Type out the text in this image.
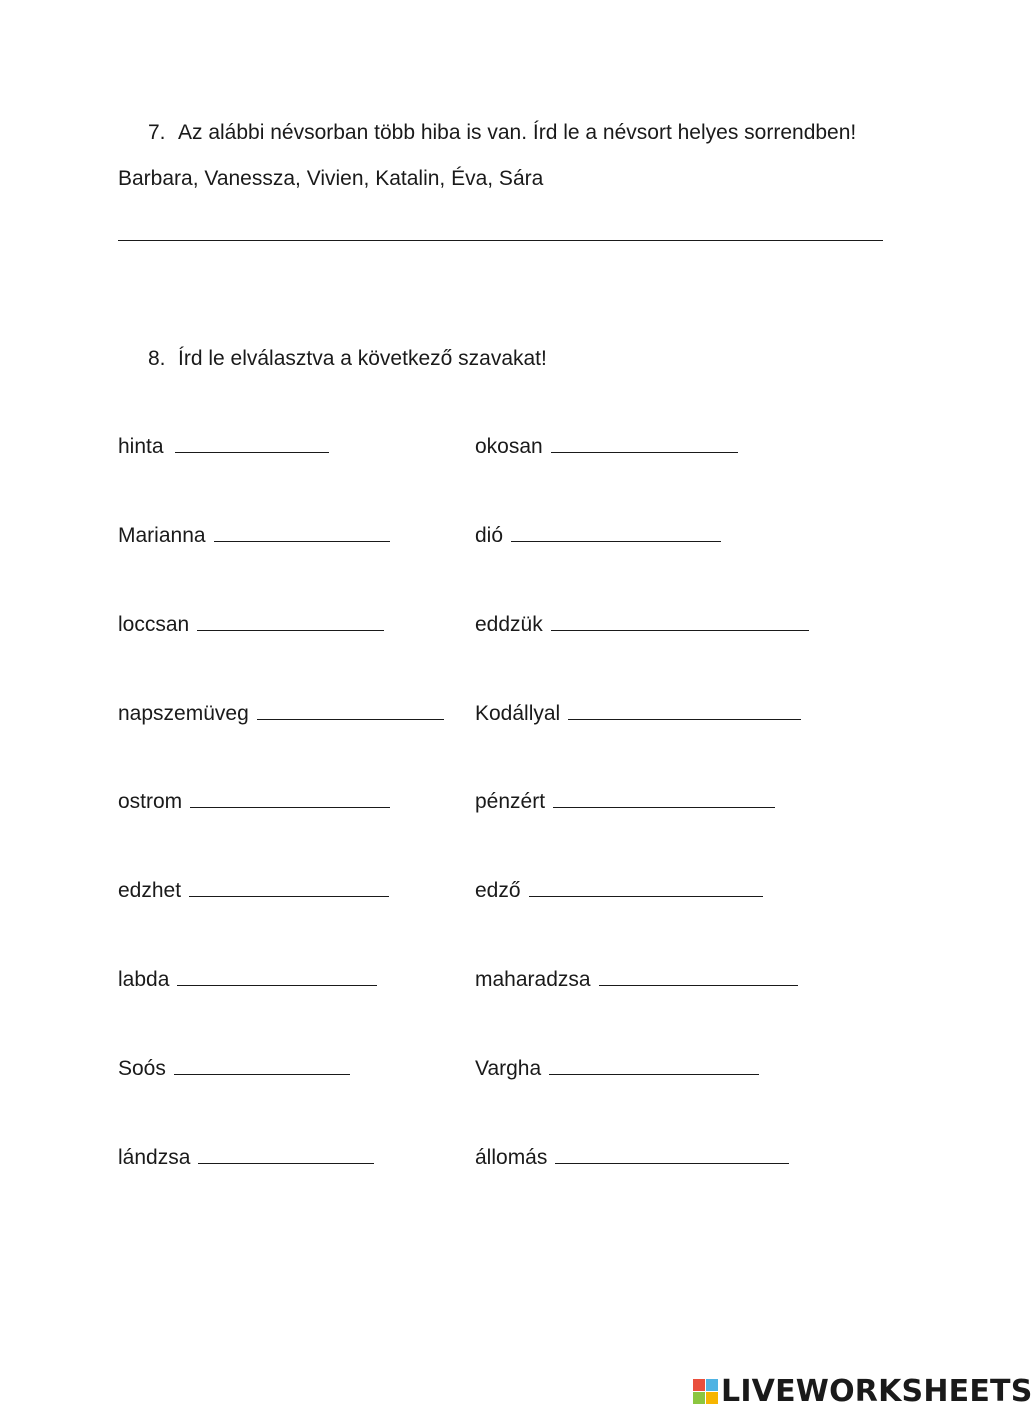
7. Az alábbi névsorban több hiba is van. Írd le a névsort helyes sorrendben!
Barbara, Vanessza, Vivien, Katalin, Éva, Sára
8. Írd le elválasztva a következő szavakat!
hinta
Marianna
loccsan
napszemüveg
ostrom
edzhet
labda
Soós
lándzsa
okosan
dió
eddzük
Kodállyal
pénzért
edző
maharadzsa
Vargha
állomás
LIVEWORKSHEETS
